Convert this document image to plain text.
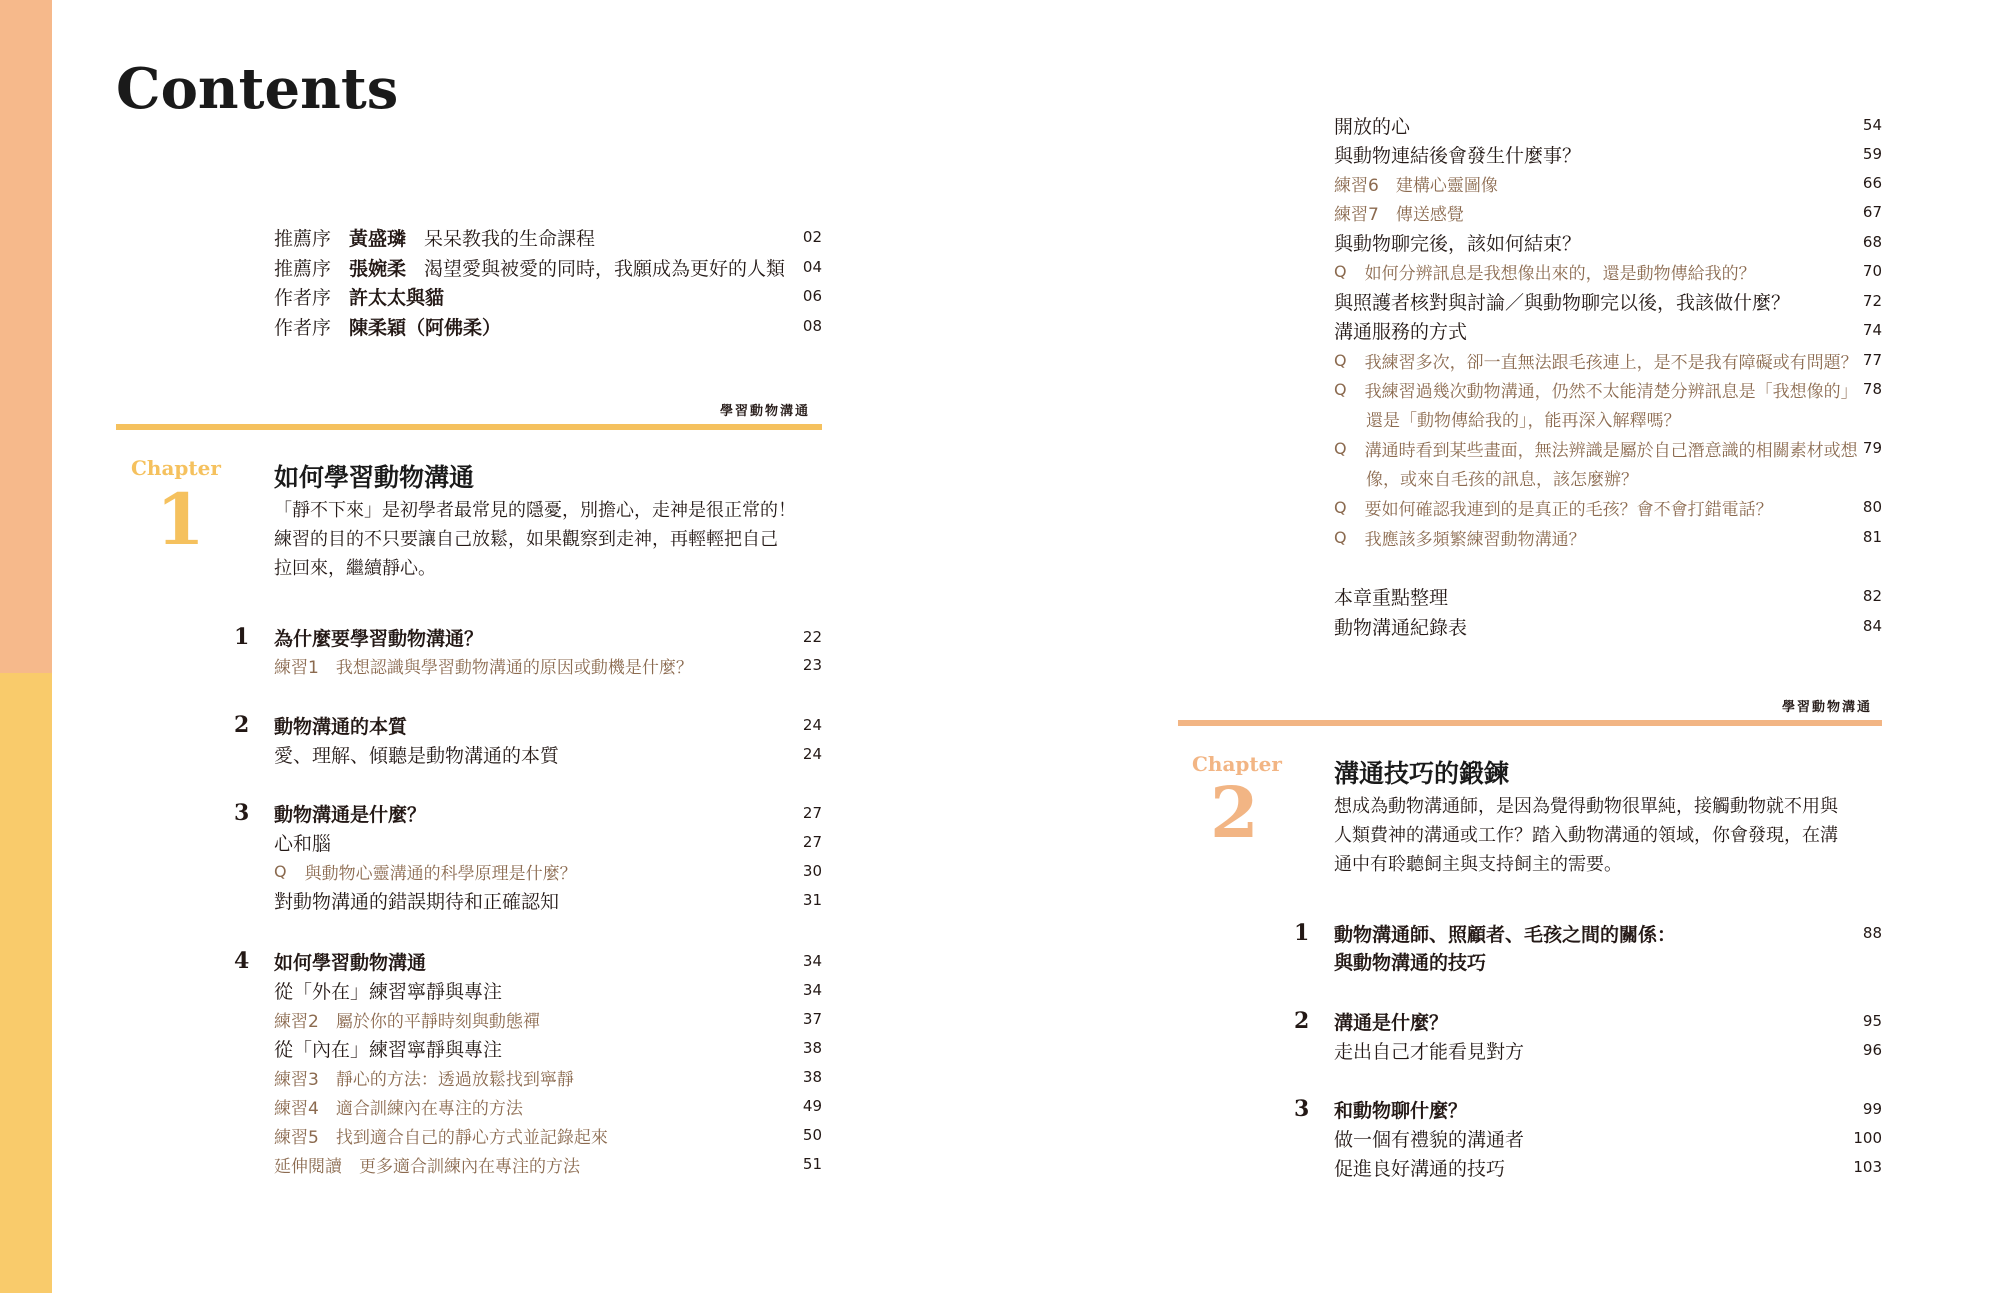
Contents
推薦序 黃盛璘 呆呆教我的生命課程	02
推薦序 張婉柔 渴望愛與被愛的同時，我願成為更好的人類 04
作者序 許太太與貓	06
作者序 陳柔穎（阿佛柔）	08
學習動物溝通
Chapter
1
如何學習動物溝通
「靜不下來」是初學者最常見的隱憂，別擔心，走神是很正常的！
練習的目的不只要讓自己放鬆，如果觀察到走神，再輕輕把自己
拉回來，繼續靜心。
1 為什麼要學習動物溝通？	22
練習1　我想認識與學習動物溝通的原因或動機是什麼？	23
2 動物溝通的本質	24
愛、理解、傾聽是動物溝通的本質	24
3 動物溝通是什麼？	27
心和腦	27
Q 與動物心靈溝通的科學原理是什麼？	30
對動物溝通的錯誤期待和正確認知	31
4 如何學習動物溝通	34
從「外在」練習寧靜與專注	34
練習2　屬於你的平靜時刻與動態禪	37
從「內在」練習寧靜與專注	38
練習3　靜心的方法：透過放鬆找到寧靜	38
練習4　適合訓練內在專注的方法	49
練習5　找到適合自己的靜心方式並記錄起來	50
延伸閱讀　更多適合訓練內在專注的方法	51
開放的心	54
與動物連結後會發生什麼事？	59
練習6　建構心靈圖像	66
練習7　傳送感覺	67
與動物聊完後，該如何結束？	68
Q 如何分辨訊息是我想像出來的，還是動物傳給我的？	70
與照護者核對與討論／與動物聊完以後，我該做什麼？	72
溝通服務的方式	74
Q 我練習多次，卻一直無法跟毛孩連上，是不是我有障礙或有問題？ 77
Q 我練習過幾次動物溝通，仍然不太能清楚分辨訊息是「我想像的」 78
還是「動物傳給我的」，能再深入解釋嗎？
Q 溝通時看到某些畫面，無法辨識是屬於自己潛意識的相關素材或想 79
像，或來自毛孩的訊息，該怎麼辦？
Q 要如何確認我連到的是真正的毛孩？會不會打錯電話？	80
Q 我應該多頻繁練習動物溝通？	81
本章重點整理	82
動物溝通紀錄表	84
學習動物溝通
Chapter
2	溝通技巧的鍛鍊
想成為動物溝通師，是因為覺得動物很單純，接觸動物就不用與
人類費神的溝通或工作？踏入動物溝通的領域，你會發現，在溝
通中有聆聽飼主與支持飼主的需要。
1 動物溝通師、照顧者、毛孩之間的關係：	88
與動物溝通的技巧
2 溝通是什麼？	95
走出自己才能看見對方	96
3 和動物聊什麼？	99
做一個有禮貌的溝通者	100
促進良好溝通的技巧	103
